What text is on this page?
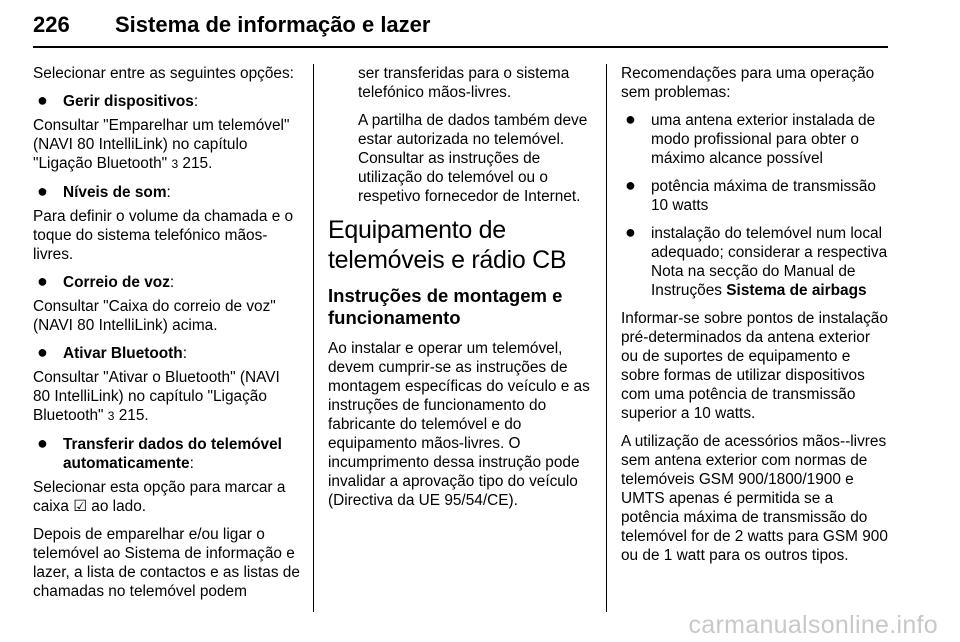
226 Sistema de informação e lazer

Selecionar entre as seguintes opções:

● Gerir dispositivos:

Consultar "Emparelhar um telemóvel" (NAVI 80 IntelliLink) no capítulo "Ligação Bluetooth" 3 215.

● Níveis de som:

Para definir o volume da chamada e o toque do sistema telefónico mãos-livres.

● Correio de voz:

Consultar "Caixa do correio de voz" (NAVI 80 IntelliLink) acima.

● Ativar Bluetooth:

Consultar "Ativar o Bluetooth" (NAVI 80 IntelliLink) no capítulo "Ligação Bluetooth" 3 215.

● Transferir dados do telemóvel automaticamente:

Selecionar esta opção para marcar a caixa ☑ ao lado.

Depois de emparelhar e/ou ligar o telemóvel ao Sistema de informação e lazer, a lista de contactos e as listas de chamadas no telemóvel podem

ser transferidas para o sistema telefónico mãos-livres.

A partilha de dados também deve estar autorizada no telemóvel. Consultar as instruções de utilização do telemóvel ou o respetivo fornecedor de Internet.

Equipamento de telemóveis e rádio CB
Instruções de montagem e funcionamento

Ao instalar e operar um telemóvel, devem cumprir-se as instruções de montagem específicas do veículo e as instruções de funcionamento do fabricante do telemóvel e do equipamento mãos-livres. O incumprimento dessa instrução pode invalidar a aprovação tipo do veículo (Directiva da UE 95/54/CE).

Recomendações para uma operação sem problemas:

● uma antena exterior instalada de modo profissional para obter o máximo alcance possível

● potência máxima de transmissão 10 watts

● instalação do telemóvel num local adequado; considerar a respectiva Nota na secção do Manual de Instruções Sistema de airbags

Informar-se sobre pontos de instalação pré-determinados da antena exterior ou de suportes de equipamento e sobre formas de utilizar dispositivos com uma potência de transmissão superior a 10 watts.

A utilização de acessórios mãos--livres sem antena exterior com normas de telemóveis GSM 900/1800/1900 e UMTS apenas é permitida se a potência máxima de transmissão do telemóvel for de 2 watts para GSM 900 ou de 1 watt para os outros tipos.

carmanualsonline.info
